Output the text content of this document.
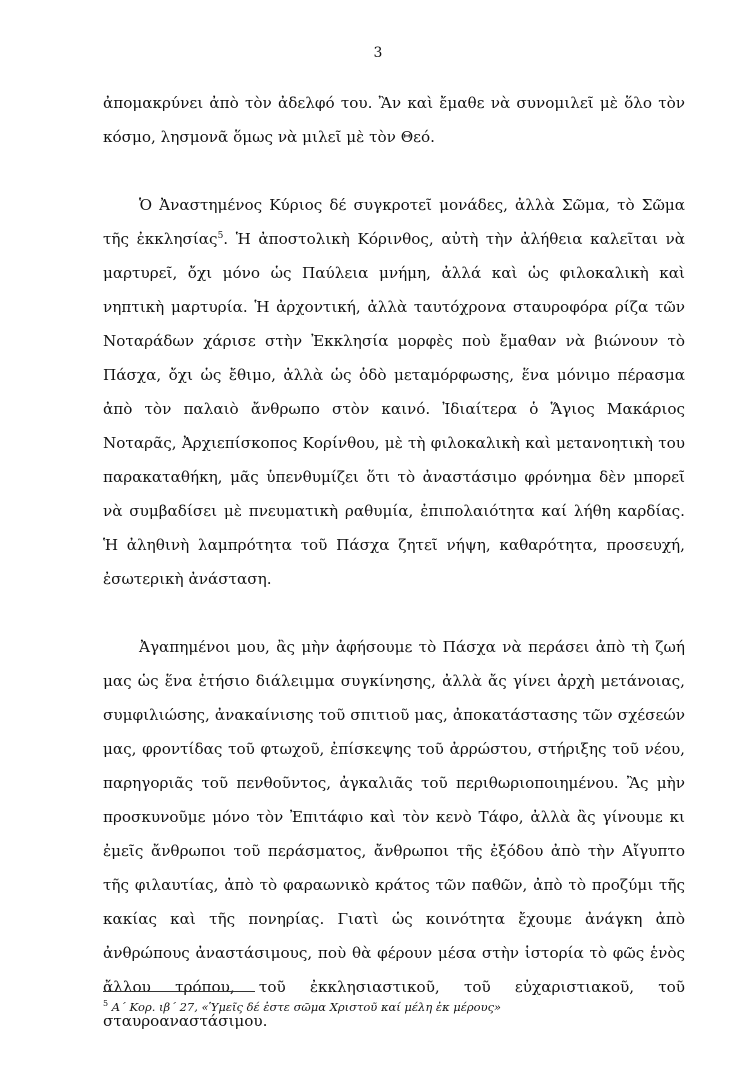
3

ἀπομακρύνει ἀπὸ τὸν ἀδελφό του. Ἂν καὶ ἔμαθε νὰ συνομιλεῖ μὲ ὅλο τὸν κόσμο, λησμονᾶ ὅμως νὰ μιλεῖ μὲ τὸν Θεό.

Ὁ Ἀναστημένος Κύριος δέ συγκροτεῖ μονάδες, ἀλλὰ Σῶμα, τὸ Σῶμα τῆς ἐκκλησίας$^5$. Ἡ ἀποστολικὴ Κόρινθος, αὐτὴ τὴν ἀλήθεια καλεῖται νὰ μαρτυρεῖ, ὄχι μόνο ὡς Παύλεια μνήμη, ἀλλά καὶ ὡς φιλοκαλικὴ καὶ νηπτικὴ μαρτυρία. Ἡ ἀρχοντική, ἀλλὰ ταυτόχρονα σταυροφόρα ρίζα τῶν Νοταράδων χάρισε στὴν Ἐκκλησία μορφὲς ποὺ ἔμαθαν νὰ βιώνουν τὸ Πάσχα, ὄχι ὡς ἔθιμο, ἀλλὰ ὡς ὁδὸ μεταμόρφωσης, ἕνα μόνιμο πέρασμα ἀπὸ τὸν παλαιὸ ἄνθρωπο στὸν καινό. Ἰδιαίτερα ὁ Ἅγιος Μακάριος Νοταρᾶς, Ἀρχιεπίσκοπος Κορίνθου, μὲ τὴ φιλοκαλικὴ καὶ μετανοητικὴ του παρακαταθήκη, μᾶς ὑπενθυμίζει ὅτι τὸ ἀναστάσιμο φρόνημα δὲν μπορεῖ νὰ συμβαδίσει μὲ πνευματικὴ ραθυμία, ἐπιπολαιότητα καί λήθη καρδίας. Ἡ ἀληθινὴ λαμπρότητα τοῦ Πάσχα ζητεῖ νήψη, καθαρότητα, προσευχή, ἐσωτερικὴ ἀνάσταση.

Ἀγαπημένοι μου, ἂς μὴν ἀφήσουμε τὸ Πάσχα νὰ περάσει ἀπὸ τὴ ζωή μας ὡς ἕνα ἐτήσιο διάλειμμα συγκίνησης, ἀλλὰ ἄς γίνει ἀρχὴ μετάνοιας, συμφιλιώσης, ἀνακαίνισης τοῦ σπιτιοῦ μας, ἀποκατάστασης τῶν σχέσεών μας, φροντίδας τοῦ φτωχοῦ, ἐπίσκεψης τοῦ ἀρρώστου, στήριξης τοῦ νέου, παρηγοριᾶς τοῦ πενθοῦντος, ἀγκαλιᾶς τοῦ περιθωριοποιημένου. Ἂς μὴν προσκυνοῦμε μόνο τὸν Ἐπιτάφιο καὶ τὸν κενὸ Τάφο, ἀλλὰ ἂς γίνουμε κι ἐμεῖς ἄνθρωποι τοῦ περάσματος, ἄνθρωποι τῆς ἐξόδου ἀπὸ τὴν Αἴγυπτο τῆς φιλαυτίας, ἀπὸ τὸ φαραωνικὸ κράτος τῶν παθῶν, ἀπὸ τὸ προζύμι τῆς κακίας καὶ τῆς πονηρίας. Γιατὶ ὡς κοινότητα ἔχουμε ἀνάγκη ἀπὸ ἀνθρώπους ἀναστάσιμους, ποὺ θὰ φέρουν μέσα στὴν ἱστορία τὸ φῶς ἑνὸς ἄλλου τρόπου, τοῦ ἐκκλησιαστικοῦ, τοῦ εὐχαριστιακοῦ, τοῦ σταυροαναστάσιμου.

$^5$ Α΄ Κορ. ιβ΄ 27, «Ὑμεῖς δέ ἐστε σῶμα Χριστοῦ καί μέλη ἐκ μέρους»
